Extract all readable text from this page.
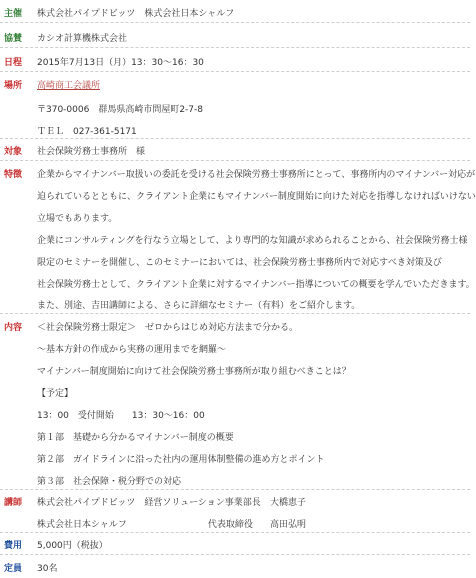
主催 株式会社パイプドビッツ　株式会社日本シャルフ
協賛 カシオ計算機株式会社
日程 2015年7月13日（月）13：30～16：30
場所 高崎商工会議所
〒370-0006　群馬県高崎市問屋町2-7-8
ＴＥＬ　027-361-5171
対象 社会保険労務士事務所　様
特徴 企業からマイナンバー取扱いの委託を受ける社会保険労務士事務所にとって、事務所内のマイナンバー対応が
迫られているとともに、クライアント企業にもマイナンバー制度開始に向けた対応を指導しなければいけない
立場でもあります。
企業にコンサルティングを行なう立場として、より専門的な知識が求められることから、社会保険労務士様
限定のセミナーを開催し、このセミナーにおいては、社会保険労務士事務所内で対応すべき対策及び
社会保険労務士として、クライアント企業に対するマイナンバー指導についての概要を学んでいただきます。
また、別途、吉田講師による、さらに詳細なセミナー（有料）をご紹介します。
内容 ＜社会保険労務士限定＞　ゼロからはじめ対応方法まで分かる。
～基本方針の作成から実務の運用までを網羅～
マイナンバー制度開始に向けて社会保険労務士事務所が取り組むべきことは？
【予定】
13：00　受付開始　　13：30～16：00
第１部　基礎から分かるマイナンバー制度の概要
第２部　ガイドラインに沿った社内の運用体制整備の進め方とポイント
第３部　社会保障・税分野での対応
講師 株式会社パイプドビッツ　経営ソリューション事業部長 大橋恵子
株式会社日本シャルフ　　　　　　　　　代表取締役 高田弘明
費用 5,000円（税抜）
定員 30名
